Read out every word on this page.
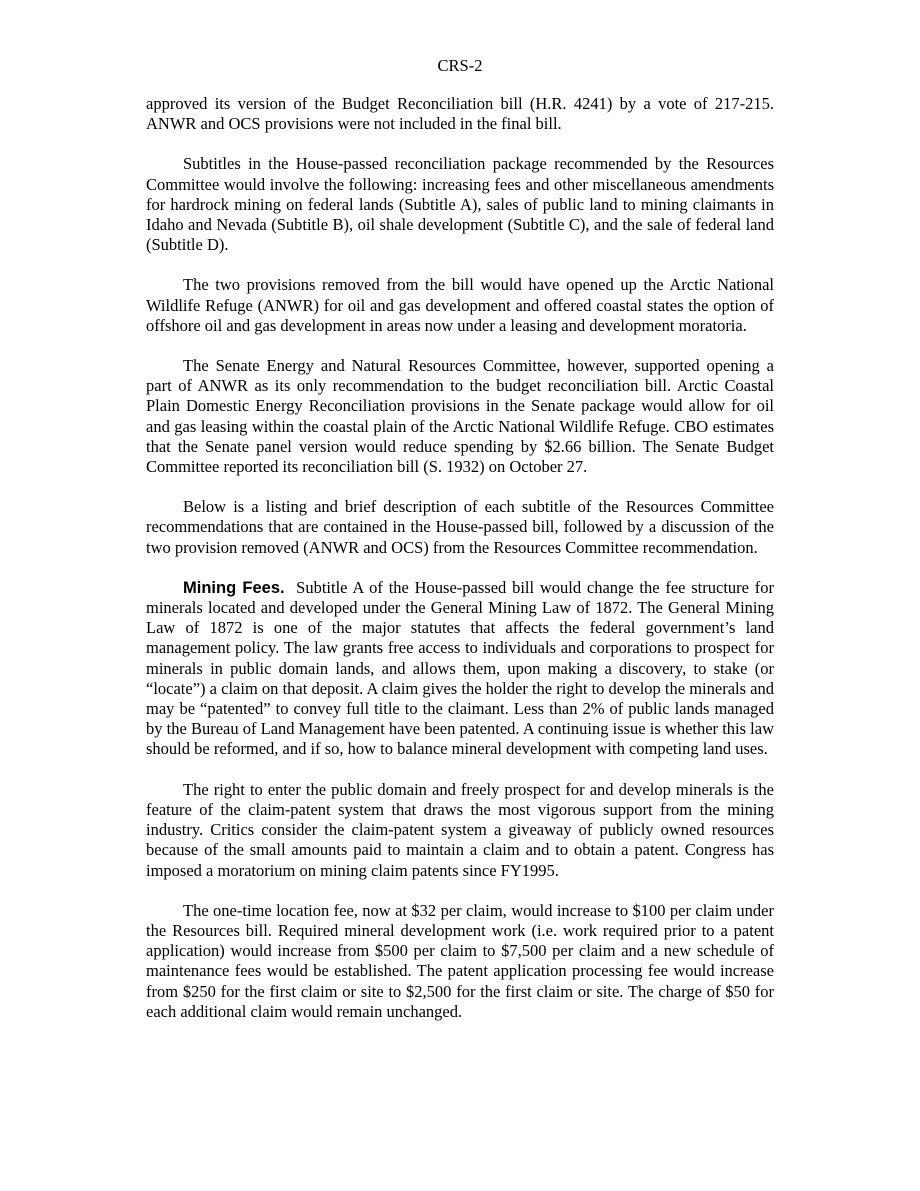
CRS-2

approved its version of the Budget Reconciliation bill (H.R. 4241) by a vote of 217-215. ANWR and OCS provisions were not included in the final bill.

Subtitles in the House-passed reconciliation package recommended by the Resources Committee would involve the following: increasing fees and other miscellaneous amendments for hardrock mining on federal lands (Subtitle A), sales of public land to mining claimants in Idaho and Nevada (Subtitle B), oil shale development (Subtitle C), and the sale of federal land (Subtitle D).

The two provisions removed from the bill would have opened up the Arctic National Wildlife Refuge (ANWR) for oil and gas development and offered coastal states the option of offshore oil and gas development in areas now under a leasing and development moratoria.

The Senate Energy and Natural Resources Committee, however, supported opening a part of ANWR as its only recommendation to the budget reconciliation bill. Arctic Coastal Plain Domestic Energy Reconciliation provisions in the Senate package would allow for oil and gas leasing within the coastal plain of the Arctic National Wildlife Refuge. CBO estimates that the Senate panel version would reduce spending by $2.66 billion. The Senate Budget Committee reported its reconciliation bill (S. 1932) on October 27.

Below is a listing and brief description of each subtitle of the Resources Committee recommendations that are contained in the House-passed bill, followed by a discussion of the two provision removed (ANWR and OCS) from the Resources Committee recommendation.

Mining Fees. Subtitle A of the House-passed bill would change the fee structure for minerals located and developed under the General Mining Law of 1872. The General Mining Law of 1872 is one of the major statutes that affects the federal government’s land management policy. The law grants free access to individuals and corporations to prospect for minerals in public domain lands, and allows them, upon making a discovery, to stake (or “locate”) a claim on that deposit. A claim gives the holder the right to develop the minerals and may be “patented” to convey full title to the claimant. Less than 2% of public lands managed by the Bureau of Land Management have been patented. A continuing issue is whether this law should be reformed, and if so, how to balance mineral development with competing land uses.

The right to enter the public domain and freely prospect for and develop minerals is the feature of the claim-patent system that draws the most vigorous support from the mining industry. Critics consider the claim-patent system a giveaway of publicly owned resources because of the small amounts paid to maintain a claim and to obtain a patent. Congress has imposed a moratorium on mining claim patents since FY1995.

The one-time location fee, now at $32 per claim, would increase to $100 per claim under the Resources bill. Required mineral development work (i.e. work required prior to a patent application) would increase from $500 per claim to $7,500 per claim and a new schedule of maintenance fees would be established. The patent application processing fee would increase from $250 for the first claim or site to $2,500 for the first claim or site. The charge of $50 for each additional claim would remain unchanged.
